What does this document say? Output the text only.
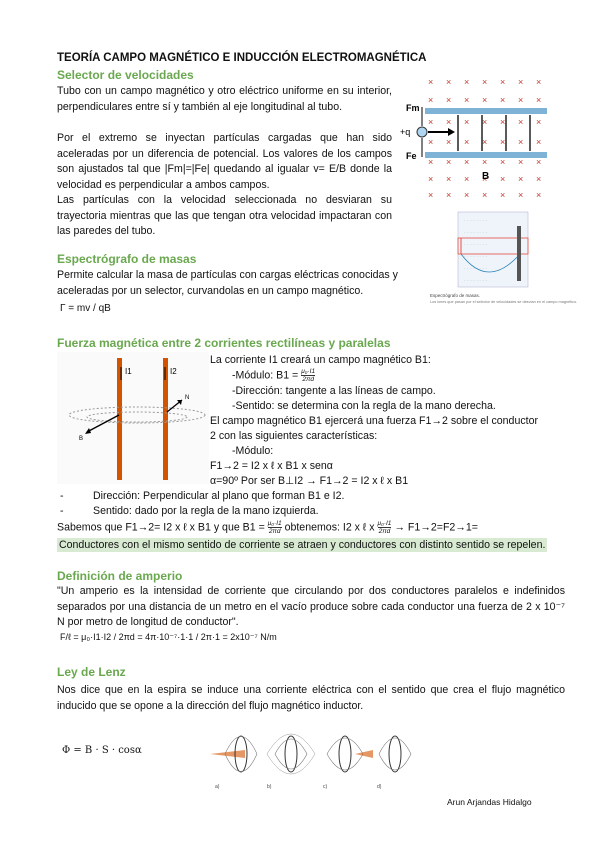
TEORÍA CAMPO MAGNÉTICO E INDUCCIÓN ELECTROMAGNÉTICA
Selector de velocidades
Tubo con un campo magnético y otro eléctrico uniforme en su interior, perpendiculares entre sí y también al eje longitudinal al tubo.
Por el extremo se inyectan partículas cargadas que han sido aceleradas por un diferencia de potencial. Los valores de los campos son ajustados tal que |Fm|=|Fe| quedando al igualar v= E/B donde la velocidad es perpendicular a ambos campos.
Las partículas con la velocidad seleccionada no desviaran su trayectoria mientras que las que tengan otra velocidad impactaran con las paredes del tubo.
× × × × × × ×
Fm
+q
Fe
B
Espectrógrafo de masas
Permite calcular la masa de partículas con cargas eléctricas conocidas y aceleradas por un selector, curvandolas en un campo magnético.
Γ = mv / qB
· · · · · · · ·
· · · · · · · ·
· · · · · · · ·
· · · · · · · ·
· · · · · · · ·
· · · · · · · ·
Espectrógrafo de masas.
Los iones que pasan por el selector de velocidades se desvían en el campo magnético.
Fuerza magnética entre 2 corrientes rectilíneas y paralelas
I1	I2
N
B
La corriente I1 creará un campo magnético B1:
-Módulo: $B1 = \frac{\text{μ₀·I1}}{2\pi d}$
-Dirección: tangente a las líneas de campo.
-Sentido: se determina con la regla de la mano derecha.
El campo magnético B1 ejercerá una fuerza F1→2 sobre el conductor
2 con las siguientes características:
-Módulo:
F1→2 = I2 x ℓ x B1 x senα
α=90º Por ser B⊥I2 → F1→2 = I2 x ℓ x B1
-	Dirección: Perpendicular al plano que forman B1 e I2.
-	Sentido: dado por la regla de la mano izquierda.
Sabemos que F1→2= I2 x ℓ x B1 y que $B1 = \frac{\text{μ₀·I1}}{2\pi d}$ obtenemos: I2 x ℓ x $\frac{\text{μ₀·I1}}{2\pi d} \to F1\to 2=F2\to 1=$
Conductores con el mismo sentido de corriente se atraen y conductores con distinto sentido se repelen.
Definición de amperio
"Un amperio es la intensidad de corriente que circulando por dos conductores paralelos e indefinidos separados por una distancia de un metro en el vacío produce sobre cada conductor una fuerza de 2 x 10⁻⁷ N por metro de longitud de conductor".
F/ℓ = μ₀·I1·I2 / 2πd = 4π·10⁻⁷·1·1 / 2π·1 = 2x10⁻⁷ N/m
Ley de Lenz
Nos dice que en la espira se induce una corriente eléctrica con el sentido que crea el flujo magnético inducido que se opone a la dirección del flujo magnético inductor.
Φ = B · S · cosα
a)	b)	c)	d)
Arun Arjandas Hidalgo
